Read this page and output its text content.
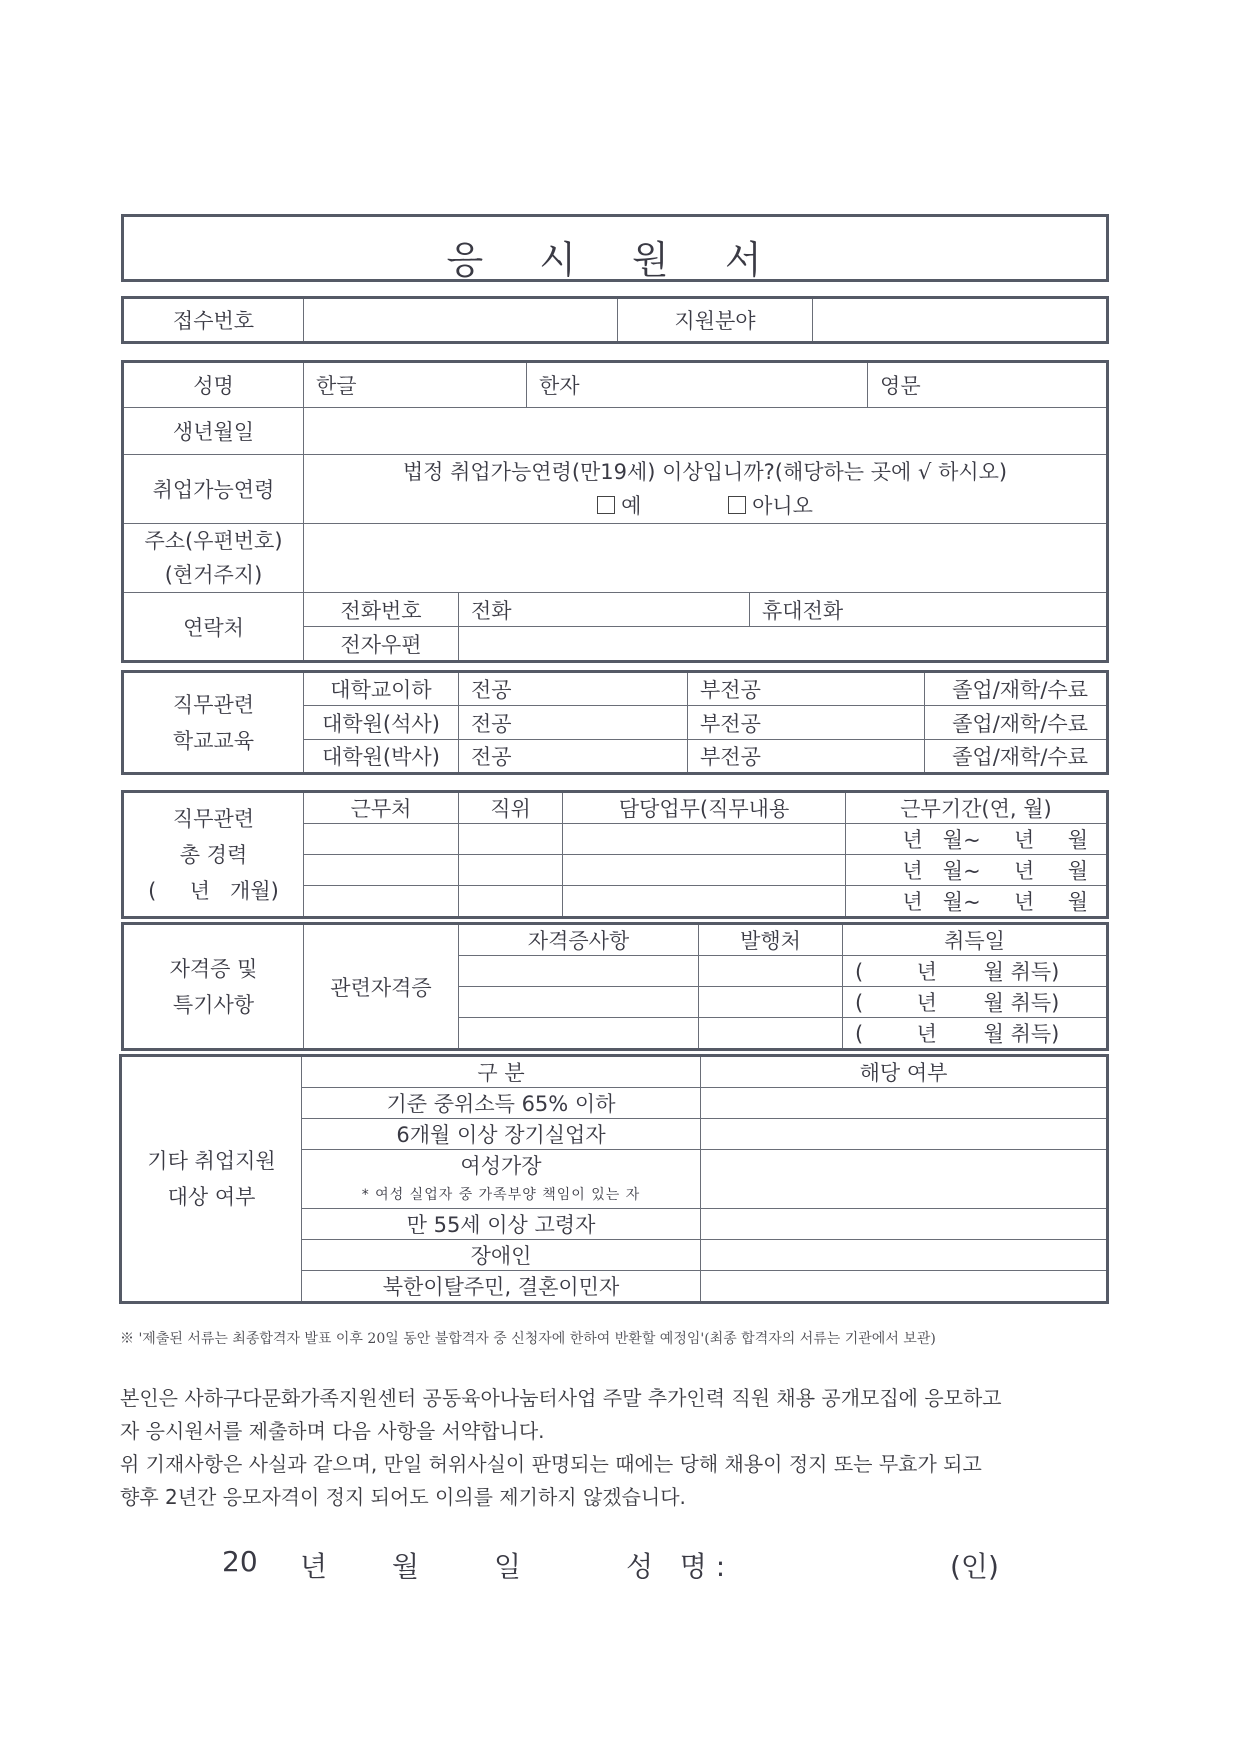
응 시 원 서
접수번호		지원분야	
성명	한글		한자		영문
생년월일					
취업가능연령	법정 취업가능연령(만19세) 이상입니까?(해당하는 곳에 √ 하시오)
예 아니오				

주소(우편번호)
(현거주지)					

연락처	전화번호	전화		휴대전화	
	전자우편				
직무관련
학교교육	대학교이하	전공	부전공	졸업/재학/수료
	대학원(석사)	전공	부전공	졸업/재학/수료
	대학원(박사)	전공	부전공	졸업/재학/수료
직무관련
총 경력
(     년   개월)	근무처	직위	담당업무(직무내용	근무기간(연, 월)
				년   월~     년     월
				년   월~     년     월
				년   월~     년     월
자격증 및
특기사항	관련자격증	자격증사항	발행처	취득일
				(        년       월 취득)
				(        년       월 취득)
				(        년       월 취득)
기타 취업지원
대상 여부	구 분	해당 여부
	기준 중위소득 65% 이하	
	6개월 이상 장기실업자	
	여성가장	
	* 여성 실업자 중 가족부양 책임이 있는 자	
	만 55세 이상 고령자	
	장애인	
	북한이탈주민, 결혼이민자	
※ '제출된 서류는 최종합격자 발표 이후 20일 동안 불합격자 중 신청자에 한하여 반환할 예정임'(최종 합격자의 서류는 기관에서 보관)

본인은 사하구다문화가족지원센터 공동육아나눔터사업 주말 추가인력 직원 채용 공개모집에 응모하고

자 응시원서를 제출하며 다음 사항을 서약합니다.

위 기재사항은 사실과 같으며, 만일 허위사실이 판명되는 때에는 당해 채용이 정지 또는 무효가 되고

향후 2년간 응모자격이 정지 되어도 이의를 제기하지 않겠습니다.

20 년 월	일	성   명 :	(인)
